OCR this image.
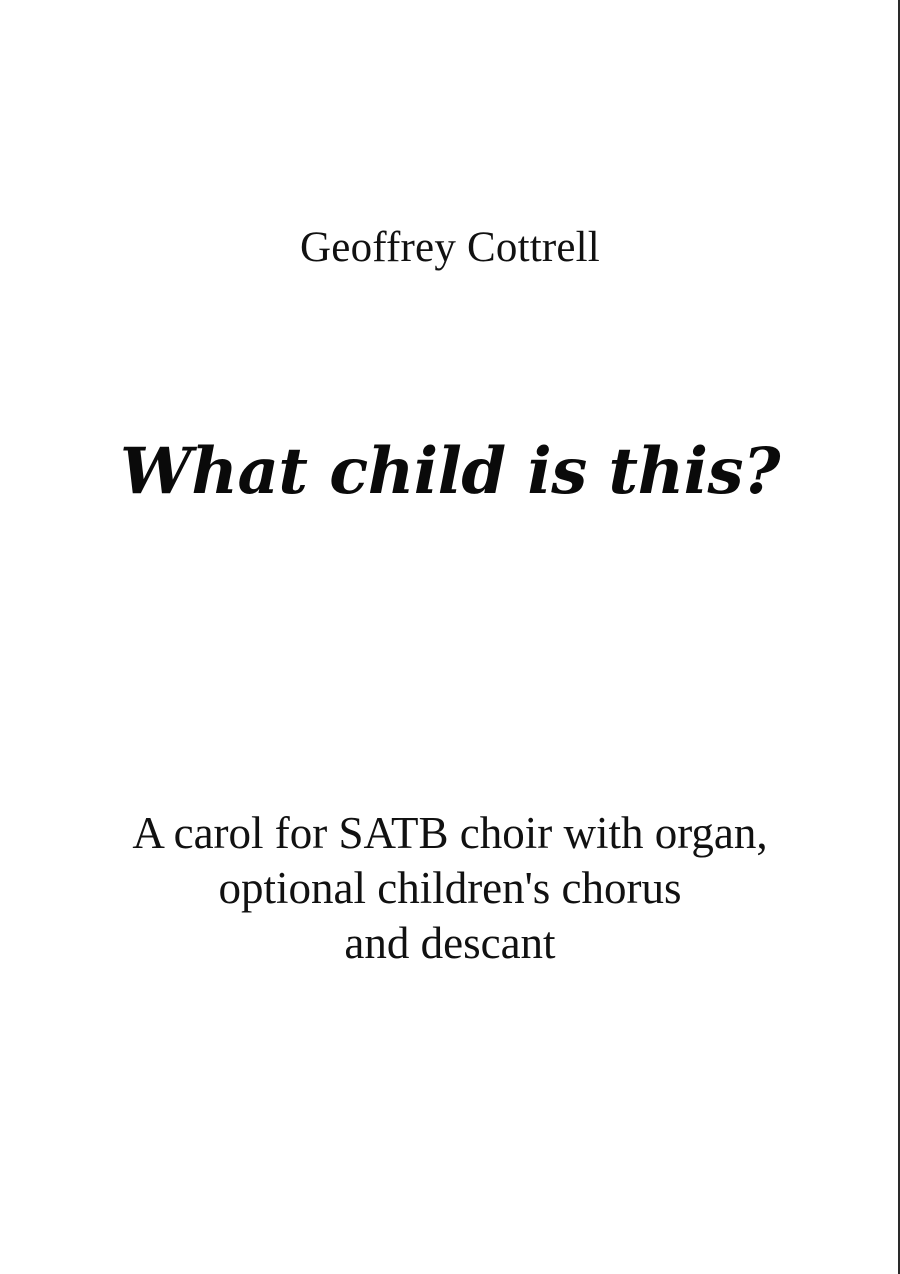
Geoffrey Cottrell
What child is this?
A carol for SATB choir with organ,
optional children's chorus
and descant
